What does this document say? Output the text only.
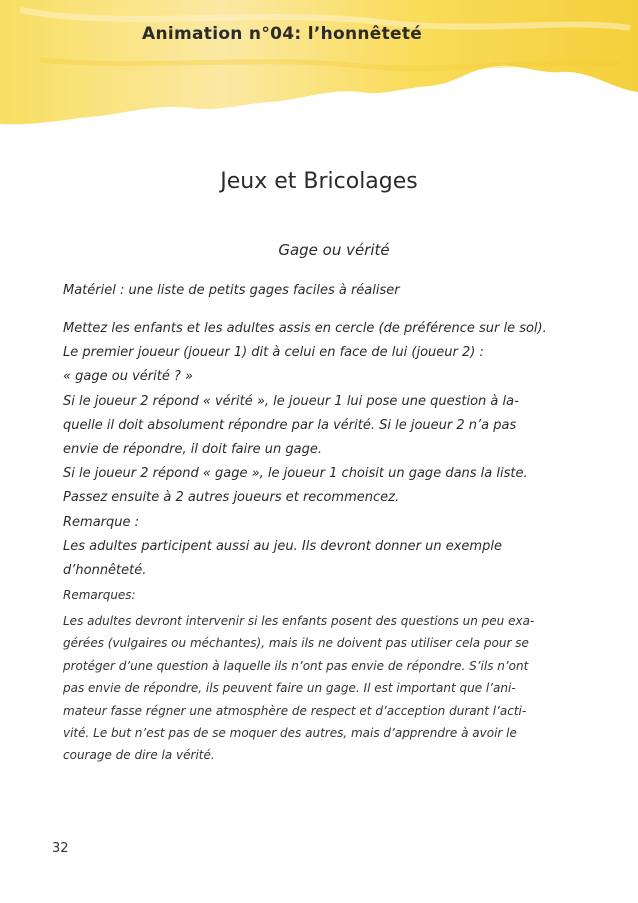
Animation n°04: l’honnêteté
Jeux et Bricolages
Gage ou vérité
Matériel : une liste de petits gages faciles à réaliser

Mettez les enfants et les adultes assis en cercle (de préférence sur le sol).

Le premier joueur (joueur 1) dit à celui en face de lui (joueur 2) :

« gage ou vérité ? »

Si le joueur 2 répond « vérité », le joueur 1 lui pose une question à la-

quelle il doit absolument répondre par la vérité. Si le joueur 2 n’a pas

envie de répondre, il doit faire un gage.

Si le joueur 2 répond « gage », le joueur 1 choisit un gage dans la liste.

Passez ensuite à 2 autres joueurs et recommencez.

Remarque :

Les adultes participent aussi au jeu. Ils devront donner un exemple

d’honnêteté.

Remarques:

Les adultes devront intervenir si les enfants posent des questions un peu exa-

gérées (vulgaires ou méchantes), mais ils ne doivent pas utiliser cela pour se

protéger d’une question à laquelle ils n’ont pas envie de répondre. S’ils n’ont

pas envie de répondre, ils peuvent faire un gage. Il est important que l’ani-

mateur fasse régner une atmosphère de respect et d’acception durant l’acti-

vité. Le but n’est pas de se moquer des autres, mais d’apprendre à avoir le

courage de dire la vérité.

32
